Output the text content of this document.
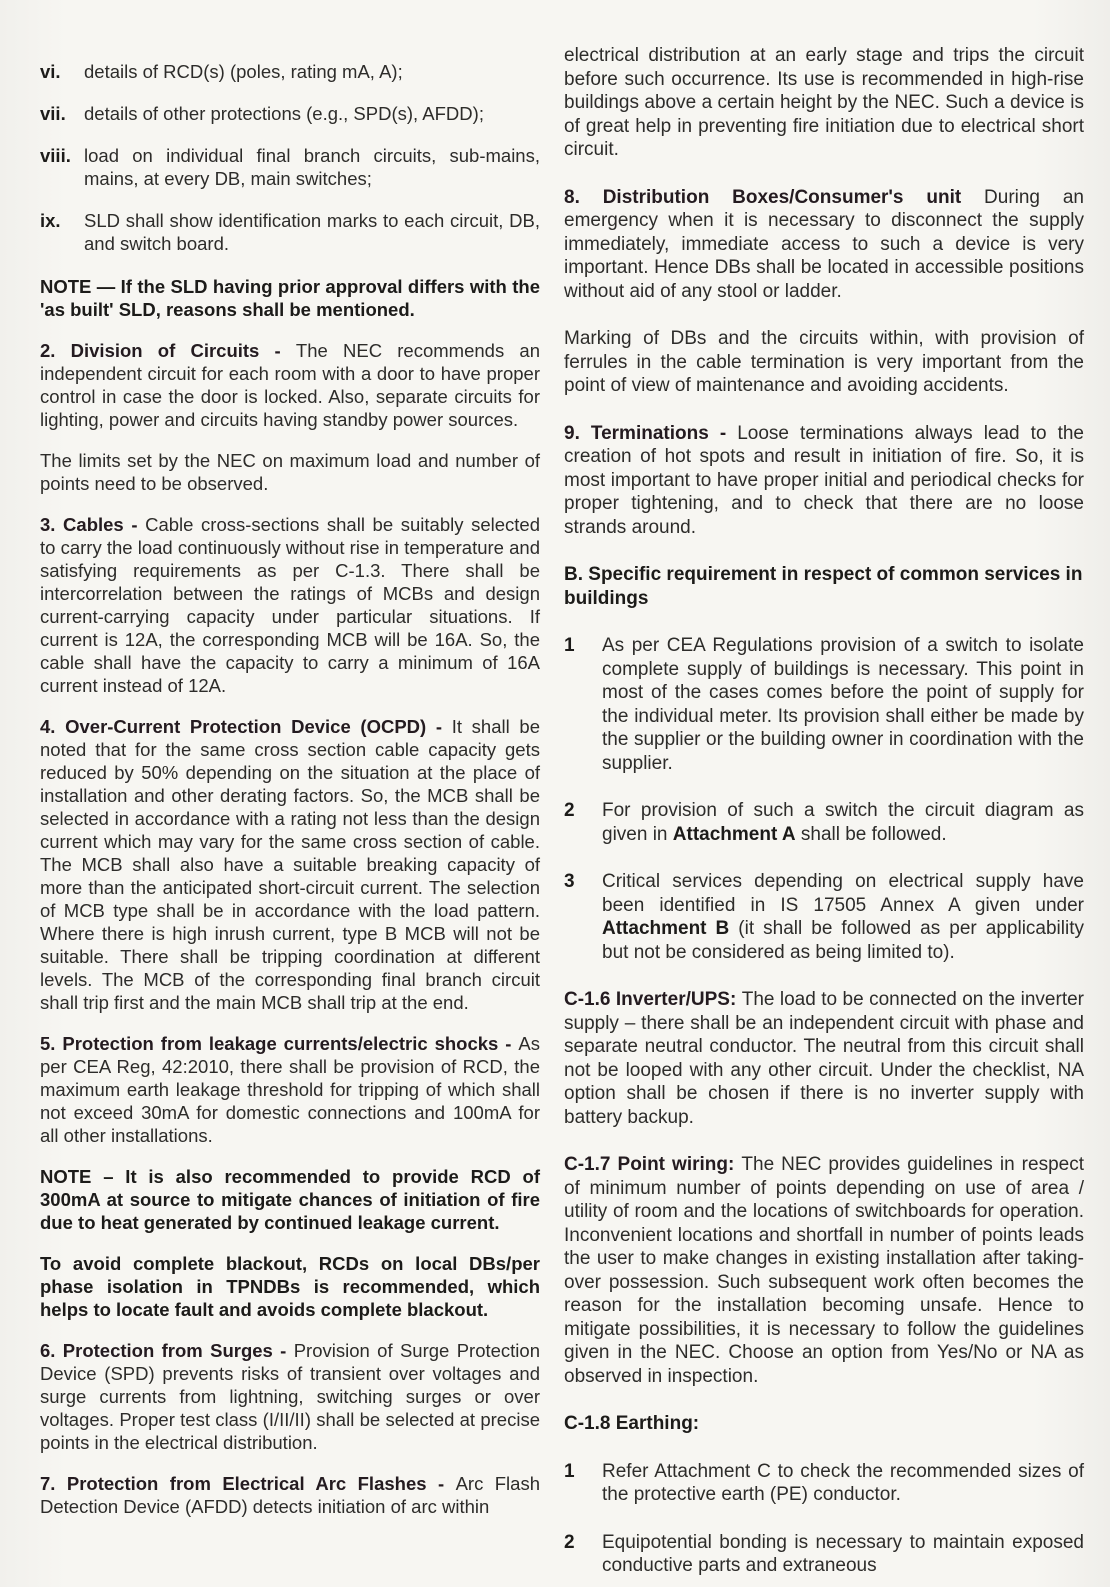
vi.	details of RCD(s) (poles, rating mA, A);
vii. details of other protections (e.g., SPD(s), AFDD);
viii. load on individual final branch circuits, sub-mains, mains, at every DB, main switches;
ix.	SLD shall show identification marks to each circuit, DB, and switch board.

NOTE — If the SLD having prior approval differs with the 'as built' SLD, reasons shall be mentioned.

2. Division of Circuits - The NEC recommends an independent circuit for each room with a door to have proper control in case the door is locked. Also, separate circuits for lighting, power and circuits having standby power sources.

The limits set by the NEC on maximum load and number of points need to be observed.

3. Cables - Cable cross-sections shall be suitably selected to carry the load continuously without rise in temperature and satisfying requirements as per C-1.3. There shall be intercorrelation between the ratings of MCBs and design current-carrying capacity under particular situations. If current is 12A, the corresponding MCB will be 16A. So, the cable shall have the capacity to carry a minimum of 16A current instead of 12A.

4. Over-Current Protection Device (OCPD) - It shall be noted that for the same cross section cable capacity gets reduced by 50% depending on the situation at the place of installation and other derating factors. So, the MCB shall be selected in accordance with a rating not less than the design current which may vary for the same cross section of cable. The MCB shall also have a suitable breaking capacity of more than the anticipated short-circuit current. The selection of MCB type shall be in accordance with the load pattern. Where there is high inrush current, type B MCB will not be suitable. There shall be tripping coordination at different levels. The MCB of the corresponding final branch circuit shall trip first and the main MCB shall trip at the end.

5. Protection from leakage currents/electric shocks - As per CEA Reg, 42:2010, there shall be provision of RCD, the maximum earth leakage threshold for tripping of which shall not exceed 30mA for domestic connections and 100mA for all other installations.

NOTE – It is also recommended to provide RCD of 300mA at source to mitigate chances of initiation of fire due to heat generated by continued leakage current.

To avoid complete blackout, RCDs on local DBs/per phase isolation in TPNDBs is recommended, which helps to locate fault and avoids complete blackout.

6. Protection from Surges - Provision of Surge Protection Device (SPD) prevents risks of transient over voltages and surge currents from lightning, switching surges or over voltages. Proper test class (I/II/II) shall be selected at precise points in the electrical distribution.

7. Protection from Electrical Arc Flashes - Arc Flash Detection Device (AFDD) detects initiation of arc within

electrical distribution at an early stage and trips the circuit before such occurrence. Its use is recommended in high-rise buildings above a certain height by the NEC. Such a device is of great help in preventing fire initiation due to electrical short circuit.

8. Distribution Boxes/Consumer's unit During an emergency when it is necessary to disconnect the supply immediately, immediate access to such a device is very important. Hence DBs shall be located in accessible positions without aid of any stool or ladder.

Marking of DBs and the circuits within, with provision of ferrules in the cable termination is very important from the point of view of maintenance and avoiding accidents.

9. Terminations - Loose terminations always lead to the creation of hot spots and result in initiation of fire. So, it is most important to have proper initial and periodical checks for proper tightening, and to check that there are no loose strands around.

B. Specific requirement in respect of common services in buildings

1	As per CEA Regulations provision of a switch to isolate complete supply of buildings is necessary. This point in most of the cases comes before the point of supply for the individual meter. Its provision shall either be made by the supplier or the building owner in coordination with the supplier.
2	For provision of such a switch the circuit diagram as given in Attachment A shall be followed.
3	Critical services depending on electrical supply have been identified in IS 17505 Annex A given under Attachment B (it shall be followed as per applicability but not be considered as being limited to).

C-1.6 Inverter/UPS: The load to be connected on the inverter supply – there shall be an independent circuit with phase and separate neutral conductor. The neutral from this circuit shall not be looped with any other circuit. Under the checklist, NA option shall be chosen if there is no inverter supply with battery backup.

C-1.7 Point wiring: The NEC provides guidelines in respect of minimum number of points depending on use of area / utility of room and the locations of switchboards for operation. Inconvenient locations and shortfall in number of points leads the user to make changes in existing installation after taking-over possession. Such subsequent work often becomes the reason for the installation becoming unsafe. Hence to mitigate possibilities, it is necessary to follow the guidelines given in the NEC. Choose an option from Yes/No or NA as observed in inspection.

C-1.8 Earthing:

1	Refer Attachment C to check the recommended sizes of the protective earth (PE) conductor.
2	Equipotential bonding is necessary to maintain exposed conductive parts and extraneous
